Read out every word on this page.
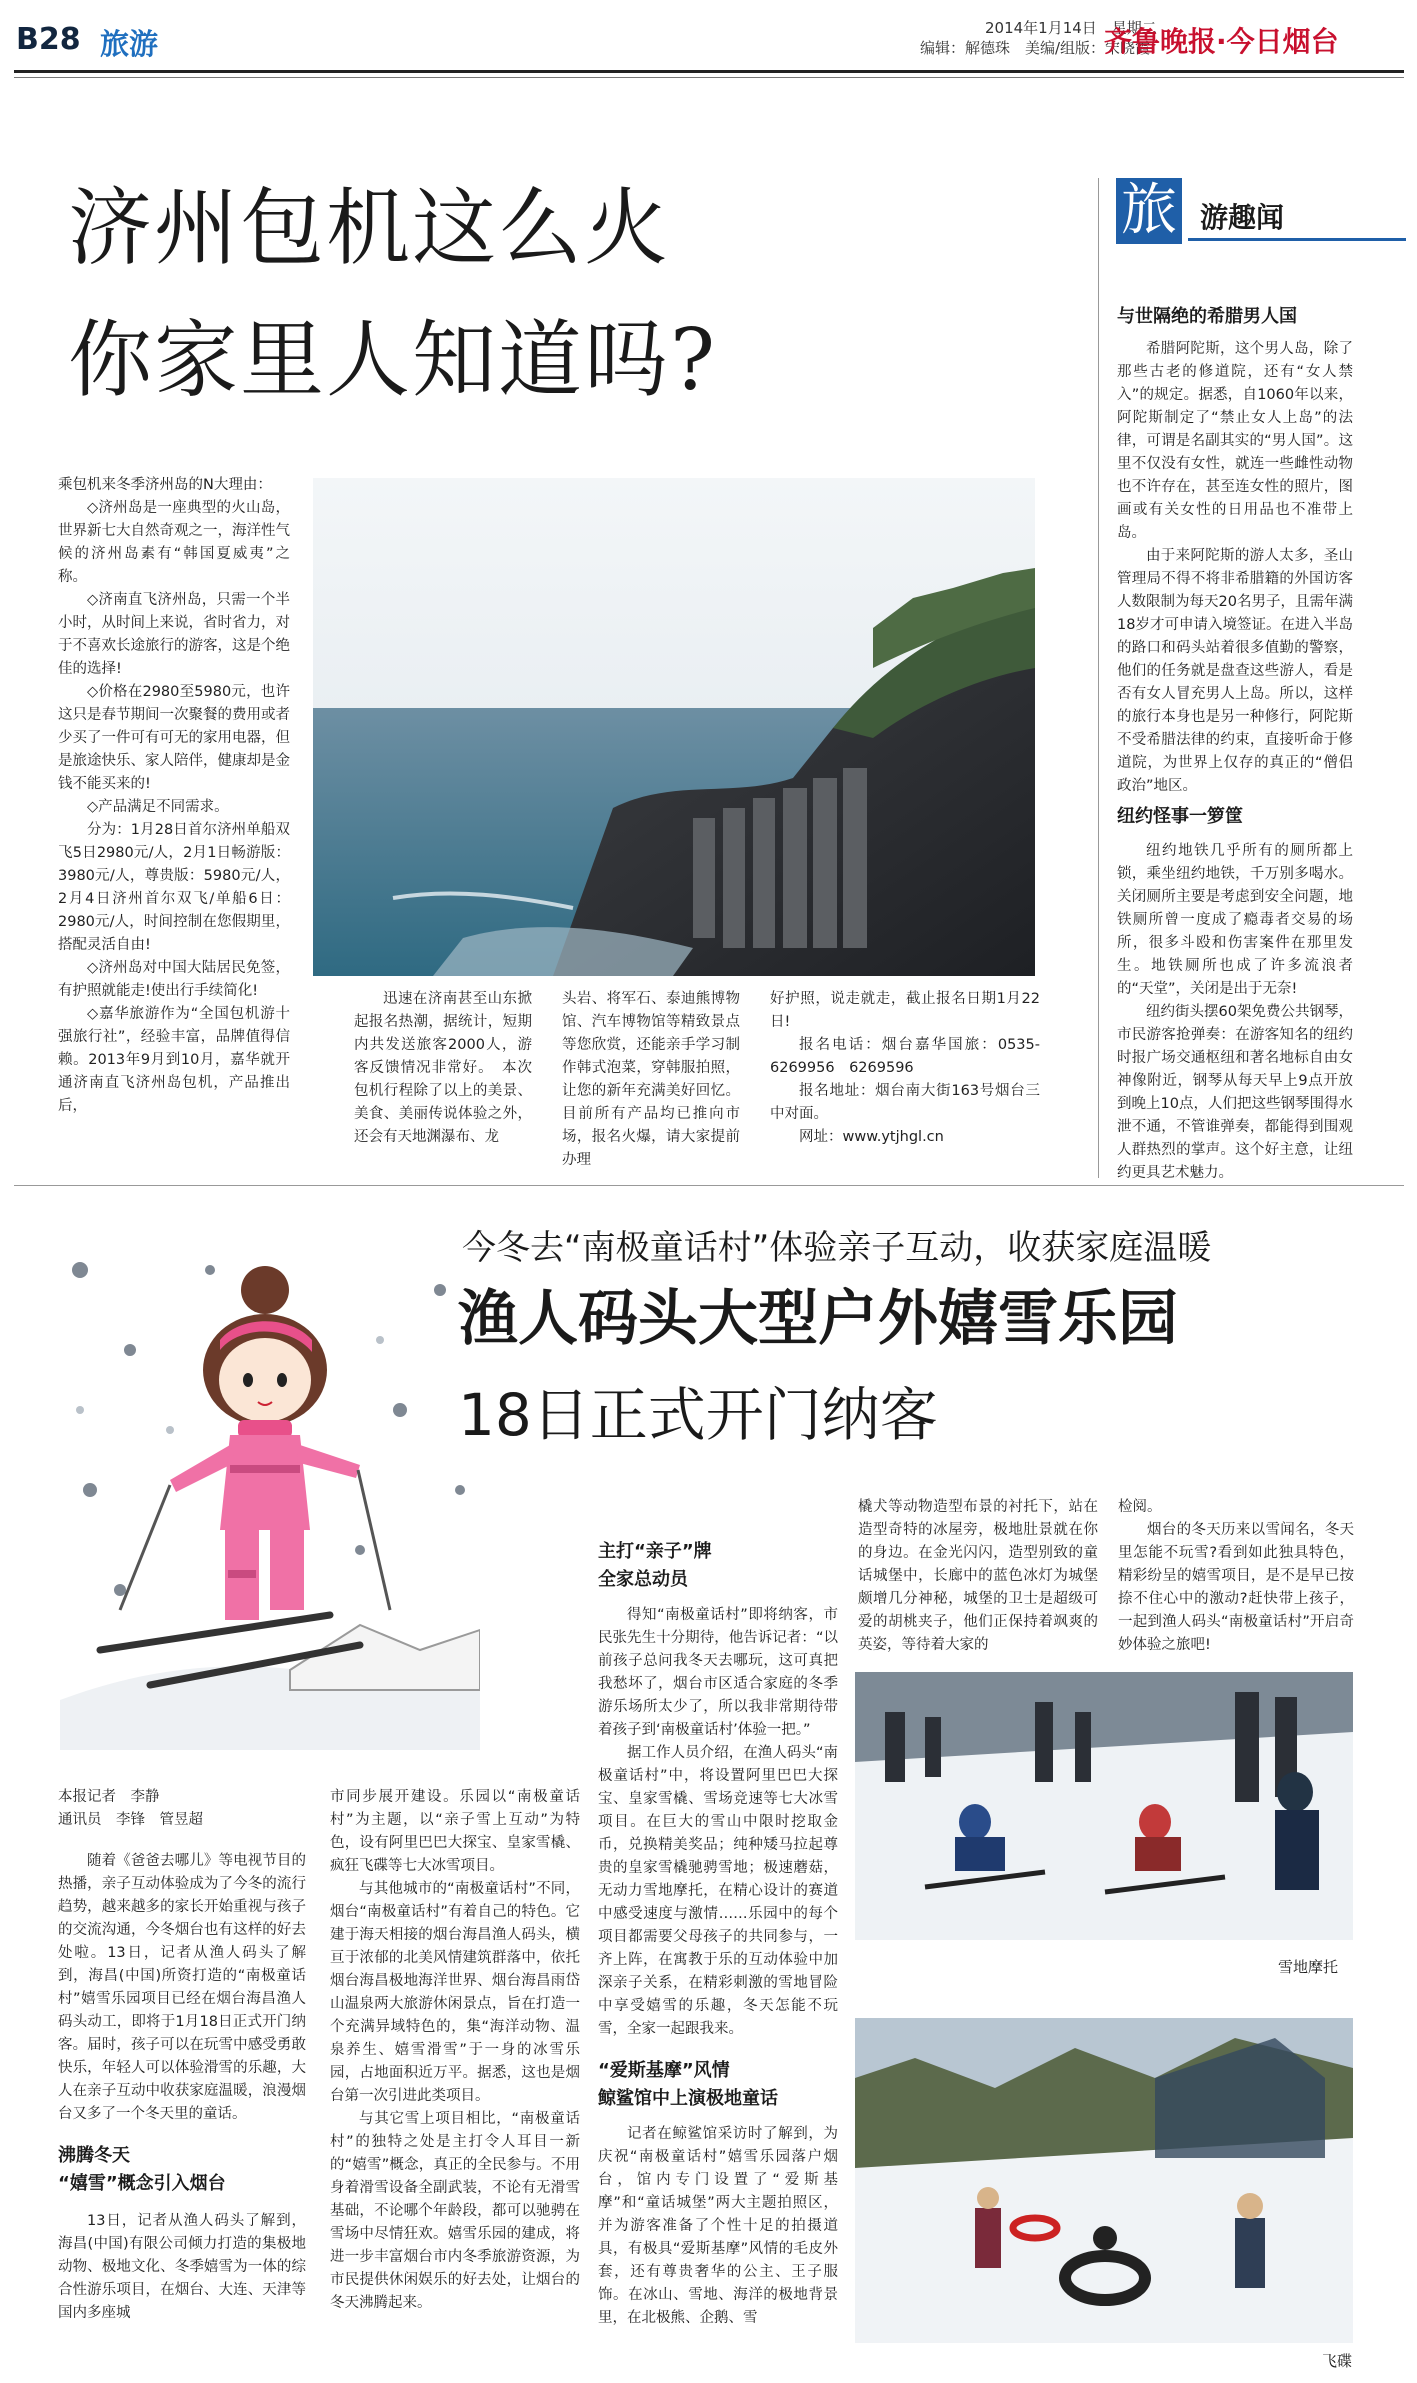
B28 旅游	2014年1月14日　星期二
编辑：解德珠　美编/组版：宋晓霞
齐鲁晚报·今日烟台
济州包机这么火
你家里人知道吗?

乘包机来冬季济州岛的N大理由：

◇济州岛是一座典型的火山岛，世界新七大自然奇观之一，海洋性气候的济州岛素有“韩国夏威夷”之称。

◇济南直飞济州岛，只需一个半小时，从时间上来说，省时省力，对于不喜欢长途旅行的游客，这是个绝佳的选择!

◇价格在2980至5980元，也许这只是春节期间一次聚餐的费用或者少买了一件可有可无的家用电器，但是旅途快乐、家人陪伴，健康却是金钱不能买来的!

◇产品满足不同需求。

分为：1月28日首尔济州单船双飞5日2980元/人，2月1日畅游版：3980元/人，尊贵版：5980元/人，2月4日济州首尔双飞/单船6日：2980元/人，时间控制在您假期里，搭配灵活自由!

◇济州岛对中国大陆居民免签，有护照就能走!使出行手续简化!

◇嘉华旅游作为“全国包机游十强旅行社”，经验丰富，品牌值得信赖。2013年9月到10月，嘉华就开通济南直飞济州岛包机，产品推出后，

迅速在济南甚至山东掀起报名热潮，据统计，短期内共发送旅客2000人，游客反馈情况非常好。　本次包机行程除了以上的美景、美食、美丽传说体验之外，还会有天地渊瀑布、龙

头岩、将军石、泰迪熊博物馆、汽车博物馆等精致景点等您欣赏，还能亲手学习制作韩式泡菜，穿韩服拍照，让您的新年充满美好回忆。目前所有产品均已推向市场，报名火爆，请大家提前办理

好护照，说走就走，截止报名日期1月22日!

报名电话：烟台嘉华国旅：0535-6269956　6269596

报名地址：烟台南大街163号烟台三中对面。

网址：www.ytjhgl.cn

旅 游趣闻
与世隔绝的希腊男人国

希腊阿陀斯，这个男人岛，除了那些古老的修道院，还有“女人禁入”的规定。据悉，自1060年以来，阿陀斯制定了“禁止女人上岛”的法律，可谓是名副其实的“男人国”。这里不仅没有女性，就连一些雌性动物也不许存在，甚至连女性的照片，图画或有关女性的日用品也不准带上岛。

由于来阿陀斯的游人太多，圣山管理局不得不将非希腊籍的外国访客人数限制为每天20名男子，且需年满18岁才可申请入境签证。在进入半岛的路口和码头站着很多值勤的警察，他们的任务就是盘查这些游人，看是否有女人冒充男人上岛。所以，这样的旅行本身也是另一种修行，阿陀斯不受希腊法律的约束，直接听命于修道院，为世界上仅存的真正的“僧侣政治”地区。

纽约怪事一箩筐

纽约地铁几乎所有的厕所都上锁，乘坐纽约地铁，千万别多喝水。关闭厕所主要是考虑到安全问题，地铁厕所曾一度成了瘾毒者交易的场所，很多斗殴和伤害案件在那里发生。地铁厕所也成了许多流浪者的“天堂”，关闭是出于无奈!

纽约街头摆60架免费公共钢琴，市民游客抢弹奏：在游客知名的纽约时报广场交通枢纽和著名地标自由女神像附近，钢琴从每天早上9点开放到晚上10点，人们把这些钢琴围得水泄不通，不管谁弹奏，都能得到围观人群热烈的掌声。这个好主意，让纽约更具艺术魅力。

今冬去“南极童话村”体验亲子互动，收获家庭温暖
渔人码头大型户外嬉雪乐园
18日正式开门纳客

本报记者　李静

通讯员　李锋　管昱超

随着《爸爸去哪儿》等电视节目的热播，亲子互动体验成为了今冬的流行趋势，越来越多的家长开始重视与孩子的交流沟通，今冬烟台也有这样的好去处啦。13日，记者从渔人码头了解到，海昌(中国)所资打造的“南极童话村”嬉雪乐园项目已经在烟台海昌渔人码头动工，即将于1月18日正式开门纳客。届时，孩子可以在玩雪中感受勇敢快乐，年轻人可以体验滑雪的乐趣，大人在亲子互动中收获家庭温暖，浪漫烟台又多了一个冬天里的童话。

沸腾冬天
“嬉雪”概念引入烟台

13日，记者从渔人码头了解到，海昌(中国)有限公司倾力打造的集极地动物、极地文化、冬季嬉雪为一体的综合性游乐项目，在烟台、大连、天津等国内多座城

市同步展开建设。乐园以“南极童话村”为主题，以“亲子雪上互动”为特色，设有阿里巴巴大探宝、皇家雪橇、疯狂飞碟等七大冰雪项目。

与其他城市的“南极童话村”不同，烟台“南极童话村”有着自己的特色。它建于海天相接的烟台海昌渔人码头，横亘于浓郁的北美风情建筑群落中，依托烟台海昌极地海洋世界、烟台海昌雨岱山温泉两大旅游休闲景点，旨在打造一个充满异域特色的，集“海洋动物、温泉养生、嬉雪滑雪”于一身的冰雪乐园，占地面积近万平。据悉，这也是烟台第一次引进此类项目。

与其它雪上项目相比，“南极童话村”的独特之处是主打令人耳目一新的“嬉雪”概念，真正的全民参与。不用身着滑雪设备全副武装，不论有无滑雪基础，不论哪个年龄段，都可以驰骋在雪场中尽情狂欢。嬉雪乐园的建成，将进一步丰富烟台市内冬季旅游资源，为市民提供休闲娱乐的好去处，让烟台的冬天沸腾起来。

主打“亲子”牌
全家总动员

得知“南极童话村”即将纳客，市民张先生十分期待，他告诉记者：“以前孩子总问我冬天去哪玩，这可真把我愁坏了，烟台市区适合家庭的冬季游乐场所太少了，所以我非常期待带着孩子到‘南极童话村’体验一把。”

据工作人员介绍，在渔人码头“南极童话村”中，将设置阿里巴巴大探宝、皇家雪橇、雪场竞速等七大冰雪项目。在巨大的雪山中限时挖取金币，兑换精美奖品；纯种矮马拉起尊贵的皇家雪橇驰骋雪地；极速蘑菇，无动力雪地摩托，在精心设计的赛道中感受速度与激情……乐园中的每个项目都需要父母孩子的共同参与，一齐上阵，在寓教于乐的互动体验中加深亲子关系，在精彩刺激的雪地冒险中享受嬉雪的乐趣，冬天怎能不玩雪，全家一起跟我来。

“爱斯基摩”风情
鲸鲨馆中上演极地童话

记者在鲸鲨馆采访时了解到，为庆祝“南极童话村”嬉雪乐园落户烟台，馆内专门设置了“爱斯基摩”和“童话城堡”两大主题拍照区，并为游客准备了个性十足的拍摄道具，有极具“爱斯基摩”风情的毛皮外套，还有尊贵奢华的公主、王子服饰。在冰山、雪地、海洋的极地背景里，在北极熊、企鹅、雪

橇犬等动物造型布景的衬托下，站在造型奇特的冰屋旁，极地肚景就在你的身边。在金光闪闪，造型别致的童话城堡中，长廊中的蓝色冰灯为城堡颇增几分神秘，城堡的卫士是超级可爱的胡桃夹子，他们正保持着飒爽的英姿，等待着大家的

检阅。

烟台的冬天历来以雪闻名，冬天里怎能不玩雪?看到如此独具特色，精彩纷呈的嬉雪项目，是不是早已按捺不住心中的激动?赶快带上孩子，一起到渔人码头“南极童话村”开启奇妙体验之旅吧!

雪地摩托
飞碟
